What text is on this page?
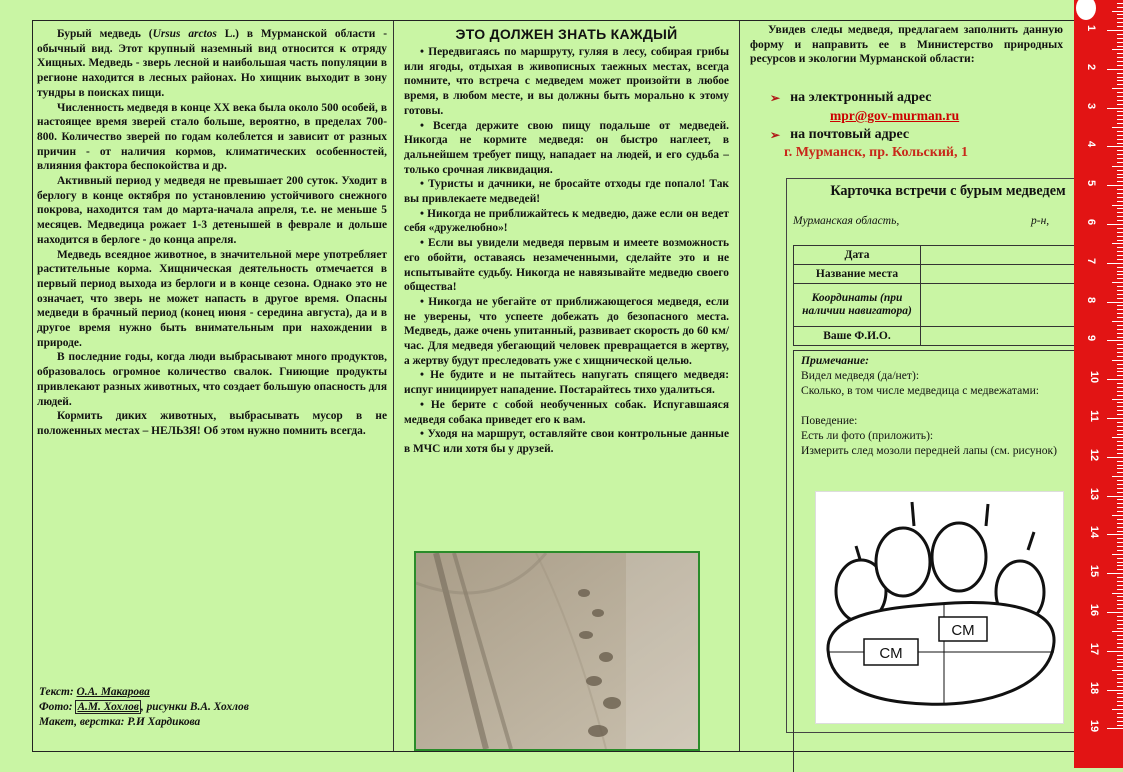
Бурый медведь (Ursus arctos L.) в Мурманской области - обычный вид. Этот крупный наземный вид относится к отряду Хищных. Медведь - зверь лесной и наибольшая часть популяции в регионе находится в лесных районах. Но хищник выходит в зону тундры в поисках пищи.

Численность медведя в конце XX века была около 500 особей, в настоящее время зверей стало больше, вероятно, в пределах 700-800. Количество зверей по годам колеблется и зависит от разных причин - от наличия кормов, климатических особенностей, влияния фактора беспокойства и др.

Активный период у медведя не превышает 200 суток. Уходит в берлогу в конце октября по установлению устойчивого снежного покрова, находится там до марта-начала апреля, т.е. не меньше 5 месяцев. Медведица рожает 1-3 детенышей в феврале и дольше находится в берлоге - до конца апреля.

Медведь всеядное животное, в значительной мере употребляет растительные корма. Хищническая деятельность отмечается в первый период выхода из берлоги и в конце сезона. Однако это не означает, что зверь не может напасть в другое время. Опасны медведи в брачный период (конец июня - середина августа), да и в другое время нужно быть внимательным при нахождении в природе.

В последние годы, когда люди выбрасывают много продуктов, образовалось огромное количество свалок. Гниющие продукты привлекают разных животных, что создает большую опасность для людей.

Кормить диких животных, выбрасывать мусор в не положенных местах – НЕЛЬЗЯ! Об этом нужно помнить всегда.

Текст: О.А. Макарова
Фото: А.М. Хохлов , рисунки В.А. Хохлов
Макет, верстка: Р.И Хардикова
ЭТО ДОЛЖЕН ЗНАТЬ КАЖДЫЙ

• Передвигаясь по маршруту, гуляя в лесу, собирая грибы или ягоды, отдыхая в живописных таежных местах, всегда помните, что встреча с медведем может произойти в любое время, в любом месте, и вы должны быть морально к этому готовы.

• Всегда держите свою пищу подальше от медведей. Никогда не кормите медведя: он быстро наглеет, в дальнейшем требует пищу, нападает на людей, и его судьба – только срочная ликвидация.

• Туристы и дачники, не бросайте отходы где попало! Так вы привлекаете медведей!

• Никогда не приближайтесь к медведю, даже если он ведет себя «дружелюбно»!

• Если вы увидели медведя первым и имеете возможность его обойти, оставаясь незамеченными, сделайте это и не испытывайте судьбу. Никогда не навязывайте медведю своего общества!

• Никогда не убегайте от приближающегося медведя, если не уверены, что успеете добежать до безопасного места. Медведь, даже очень упитанный, развивает скорость до 60 км/час. Для медведя убегающий человек превращается в жертву, а жертву будут преследовать уже с хищнической целью.

• Не будите и не пытайтесь напугать спящего медведя: испуг инициирует нападение. Постарайтесь тихо удалиться.

• Не берите с собой необученных собак. Испугавшаяся медведя собака приведет его к вам.

• Уходя на маршрут, оставляйте свои контрольные данные в МЧС или хотя бы у друзей.

Увидев следы медведя, предлагаем заполнить данную форму и направить ее в Министерство природных ресурсов и экологии Мурманской области:
➢ на электронный адрес
mpr@gov-murman.ru
➢ на почтовый адрес
г. Мурманск, пр. Кольский, 1
Карточка встречи с бурым медведем
Мурманская область,	р-н,
Дата	
Название места	
Координаты (при наличии навигатора)	
Ваше Ф.И.О.	
Примечание:
Видел медведя (да/нет):
Сколько, в том числе медведица с медвежатами:
Поведение:
Есть ли фото (приложить):
Измерить след мозоли передней лапы (см. рисунок)
СМ
СМ
1
2
3
4
5
6
7
8
9
10
11
12
13
14
15
16
17
18
19
